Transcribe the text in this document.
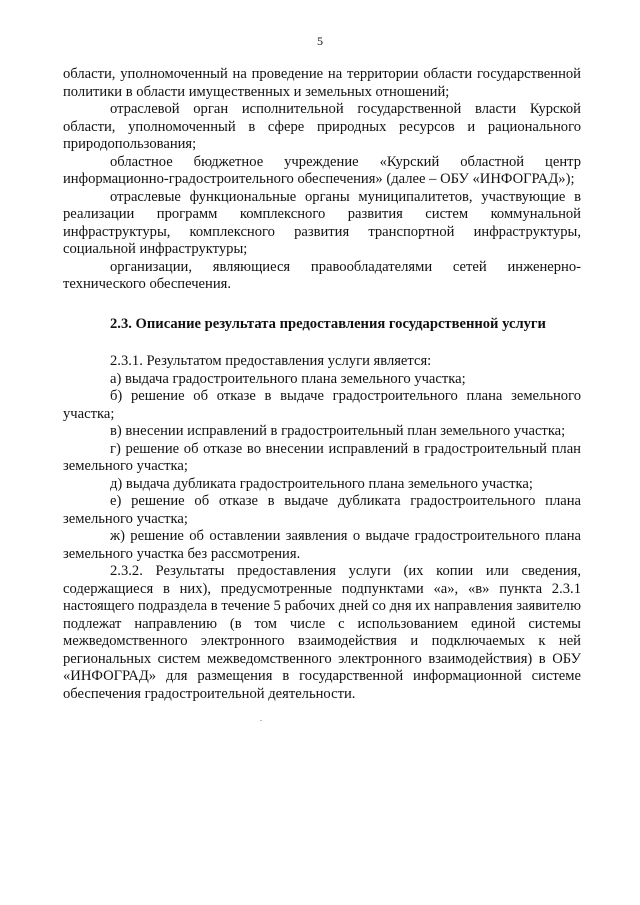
5

области, уполномоченный на проведение на территории области государственной политики в области имущественных и земельных отношений;

отраслевой орган исполнительной государственной власти Курской области, уполномоченный в сфере природных ресурсов и рационального природопользования;

областное бюджетное учреждение «Курский областной центр информационно-градостроительного обеспечения» (далее – ОБУ «ИНФОГРАД»);

отраслевые функциональные органы муниципалитетов, участвующие в реализации программ комплексного развития систем коммунальной инфраструктуры, комплексного развития транспортной инфраструктуры, социальной инфраструктуры;

организации, являющиеся правообладателями сетей инженерно-технического обеспечения.

2.3. Описание результата предоставления государственной услуги

2.3.1. Результатом предоставления услуги является:

а) выдача градостроительного плана земельного участка;

б) решение об отказе в выдаче градостроительного плана земельного участка;

в) внесении исправлений в градостроительный план земельного участка;

г) решение об отказе во внесении исправлений в градостроительный план земельного участка;

д) выдача дубликата градостроительного плана земельного участка;

е) решение об отказе в выдаче дубликата градостроительного плана земельного участка;

ж) решение об оставлении заявления о выдаче градостроительного плана земельного участка без рассмотрения.

2.3.2. Результаты предоставления услуги (их копии или сведения, содержащиеся в них), предусмотренные подпунктами «а», «в» пункта 2.3.1 настоящего подраздела в течение 5 рабочих дней со дня их направления заявителю подлежат направлению (в том числе с использованием единой системы межведомственного электронного взаимодействия и подключаемых к ней региональных систем межведомственного электронного взаимодействия) в ОБУ «ИНФОГРАД» для размещения в государственной информационной системе обеспечения градостроительной деятельности.
